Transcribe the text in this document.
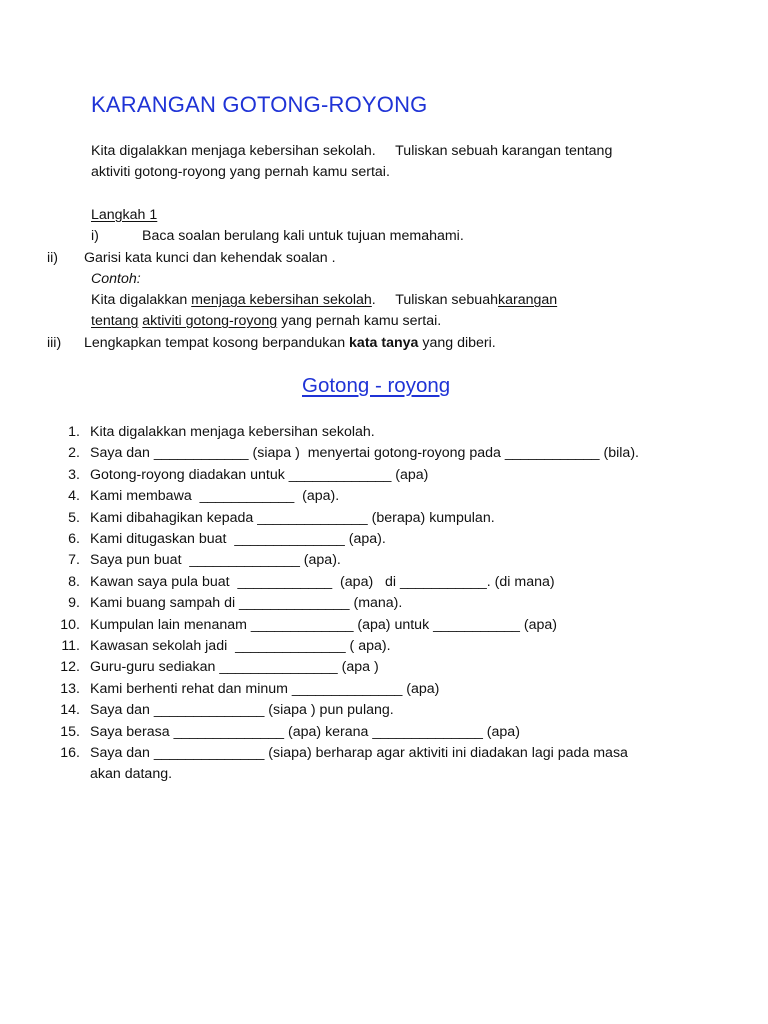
KARANGAN GOTONG-ROYONG
Kita digalakkan menjaga kebersihan sekolah.     Tuliskan sebuah karangan tentang
aktiviti gotong-royong yang pernah kamu sertai.
Langkah 1
i)	Baca soalan berulang kali untuk tujuan memahami.
ii) Garisi kata kunci dan kehendak soalan .
Contoh:
Kita digalakkan menjaga kebersihan sekolah.     Tuliskan sebuahkarangan
tentang aktiviti gotong-royong yang pernah kamu sertai.
iii) Lengkapkan tempat kosong berpandukan kata tanya yang diberi.
Gotong - royong
1. Kita digalakkan menjaga kebersihan sekolah.
2. Saya dan ____________ (siapa )  menyertai gotong-royong pada ____________ (bila).
3. Gotong-royong diadakan untuk _____________ (apa)
4. Kami membawa  ____________  (apa).
5. Kami dibahagikan kepada ______________ (berapa) kumpulan.
6. Kami ditugaskan buat  ______________ (apa).
7. Saya pun buat  ______________ (apa).
8. Kawan saya pula buat  ____________  (apa)   di ___________. (di mana)
9. Kami buang sampah di ______________ (mana).
10. Kumpulan lain menanam _____________ (apa) untuk ___________ (apa)
11. Kawasan sekolah jadi  ______________ ( apa).
12. Guru-guru sediakan _______________ (apa )
13. Kami berhenti rehat dan minum ______________ (apa)
14. Saya dan ______________ (siapa ) pun pulang.
15. Saya berasa ______________ (apa) kerana ______________ (apa)
16. Saya dan ______________ (siapa) berharap agar aktiviti ini diadakan lagi pada masa
akan datang.
